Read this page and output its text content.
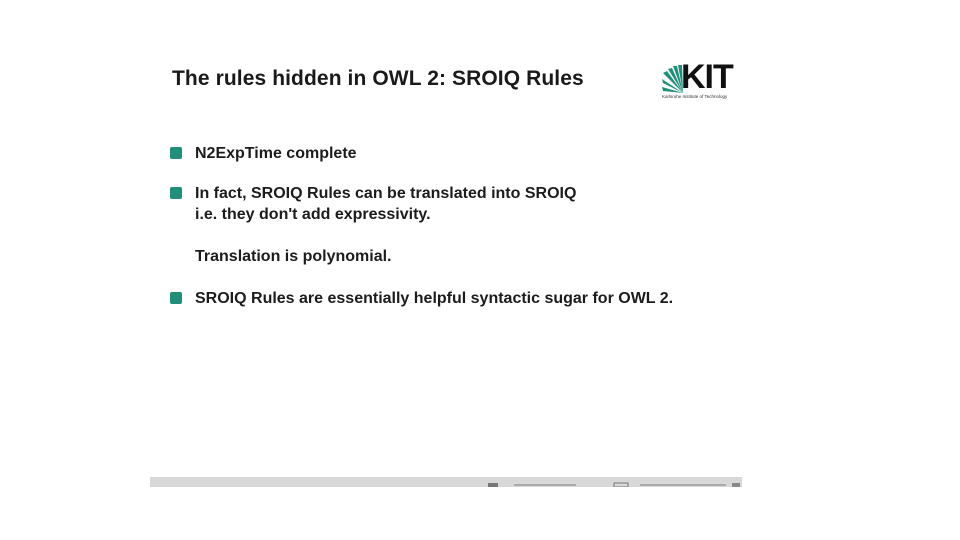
The rules hidden in OWL 2: SROIQ Rules	KIT
Karlsruhe Institute of Technology
N2ExpTime complete
In fact, SROIQ Rules can be translated into SROIQ
i.e. they don't add expressivity.
Translation is polynomial.
SROIQ Rules are essentially helpful syntactic sugar for OWL 2.
